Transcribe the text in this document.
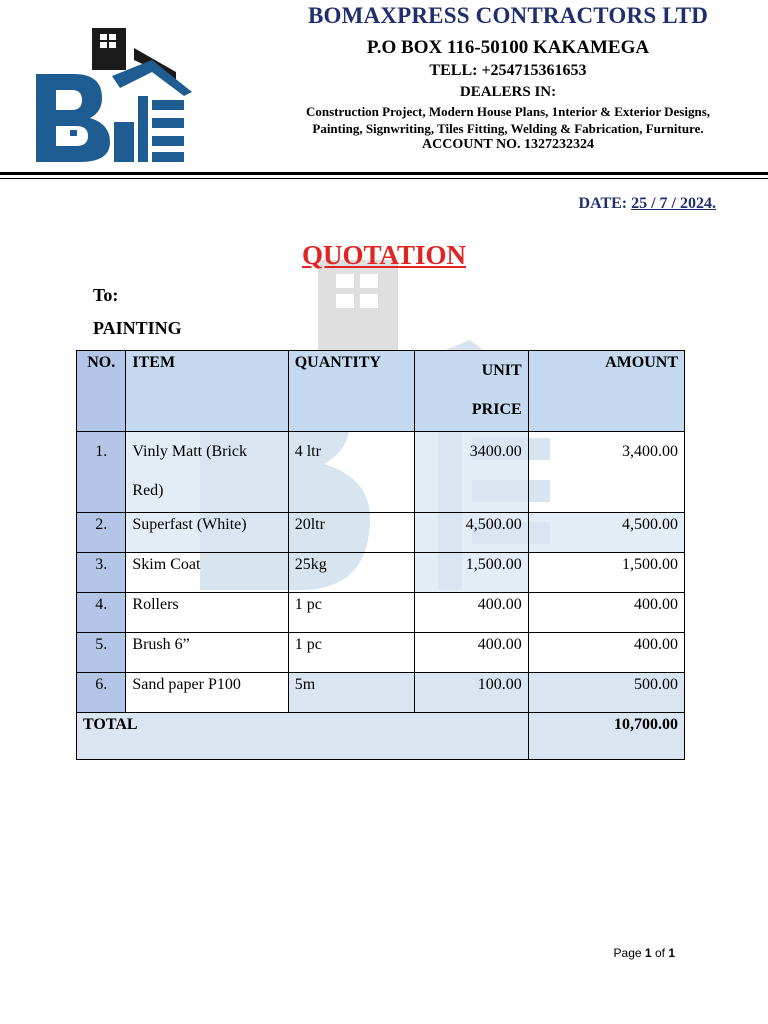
BOMAXPRESS CONTRACTORS LTD
P.O BOX 116-50100 KAKAMEGA
TELL: +254715361653
DEALERS IN:
Construction Project, Modern House Plans, 1nterior & Exterior Designs,
Painting, Signwriting, Tiles Fitting, Welding & Fabrication, Furniture.
ACCOUNT NO. 1327232324
DATE: 25 / 7 / 2024.
QUOTATION
To:
PAINTING
NO.	ITEM	QUANTITY	UNIT
PRICE	AMOUNT
1.	Vinly Matt (Brick
Red)	4 ltr	3400.00	3,400.00
2.	Superfast (White)	20ltr	4,500.00	4,500.00
3.	Skim Coat	25kg	1,500.00	1,500.00
4.	Rollers	1 pc	400.00	400.00
5.	Brush 6”	1 pc	400.00	400.00
6.	Sand paper P100	5m	100.00	500.00
TOTAL				10,700.00
Page 1 of 1
